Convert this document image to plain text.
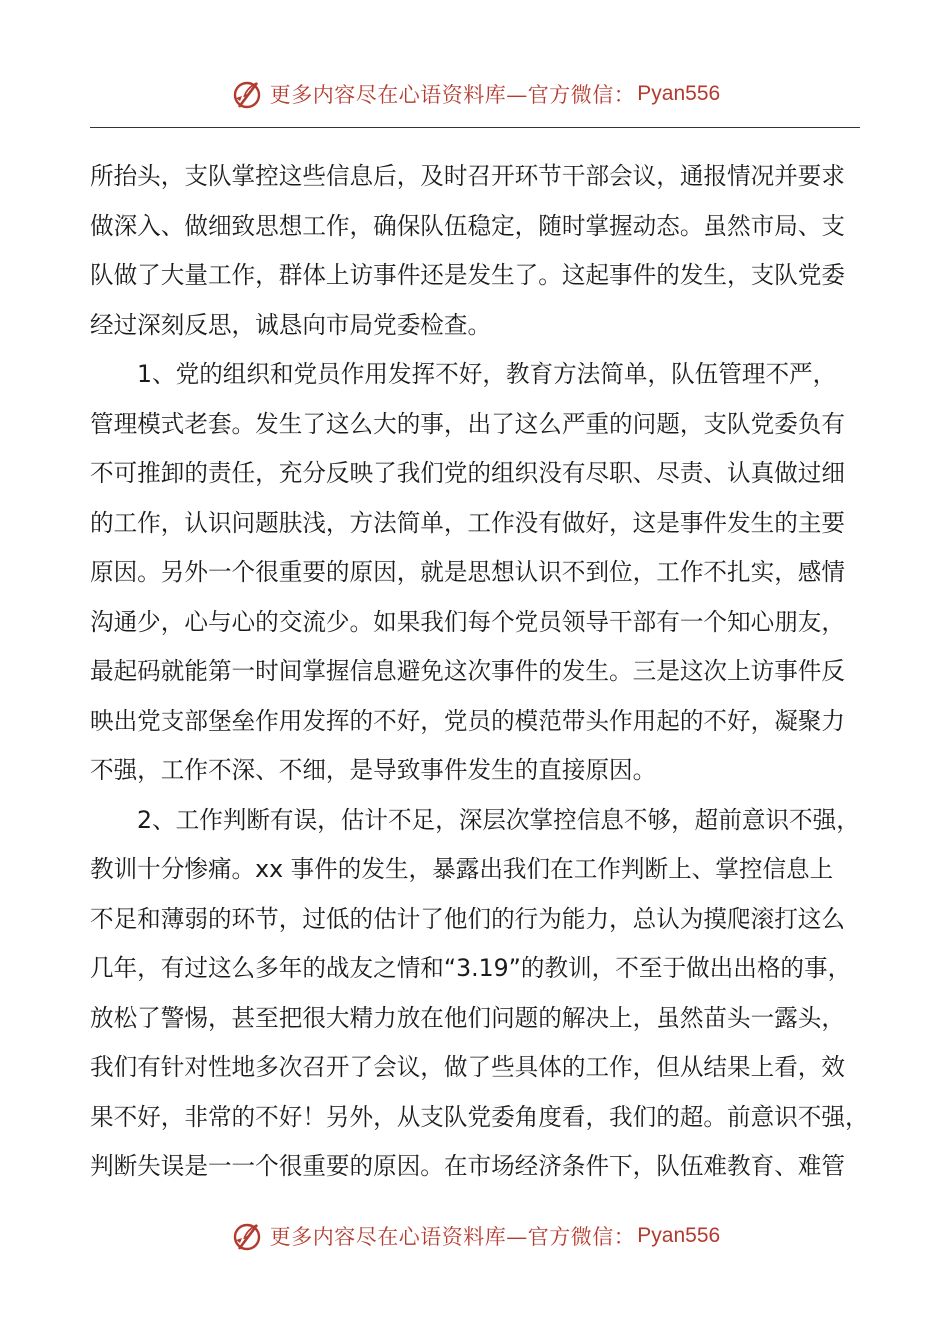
更多内容尽在心语资料库—官方微信： Pyan556
所抬头，支队掌控这些信息后，及时召开环节干部会议，通报情况并要求
做深入、做细致思想工作，确保队伍稳定，随时掌握动态。虽然市局、支
队做了大量工作，群体上访事件还是发生了。这起事件的发生，支队党委
经过深刻反思，诚恳向市局党委检查。
1、党的组织和党员作用发挥不好，教育方法简单，队伍管理不严，
管理模式老套。发生了这么大的事，出了这么严重的问题，支队党委负有
不可推卸的责任，充分反映了我们党的组织没有尽职、尽责、认真做过细
的工作，认识问题肤浅，方法简单，工作没有做好，这是事件发生的主要
原因。另外一个很重要的原因，就是思想认识不到位，工作不扎实，感情
沟通少，心与心的交流少。如果我们每个党员领导干部有一个知心朋友，
最起码就能第一时间掌握信息避免这次事件的发生。三是这次上访事件反
映出党支部堡垒作用发挥的不好，党员的模范带头作用起的不好，凝聚力
不强，工作不深、不细，是导致事件发生的直接原因。
2、工作判断有误，估计不足，深层次掌控信息不够，超前意识不强，
教训十分惨痛。xx 事件的发生，暴露出我们在工作判断上、掌控信息上
不足和薄弱的环节，过低的估计了他们的行为能力，总认为摸爬滚打这么
几年，有过这么多年的战友之情和“3.19”的教训，不至于做出出格的事，
放松了警惕，甚至把很大精力放在他们问题的解决上，虽然苗头一露头，
我们有针对性地多次召开了会议，做了些具体的工作，但从结果上看，效
果不好，非常的不好！另外，从支队党委角度看，我们的超。前意识不强，
判断失误是一一个很重要的原因。在市场经济条件下，队伍难教育、难管
更多内容尽在心语资料库—官方微信： Pyan556
